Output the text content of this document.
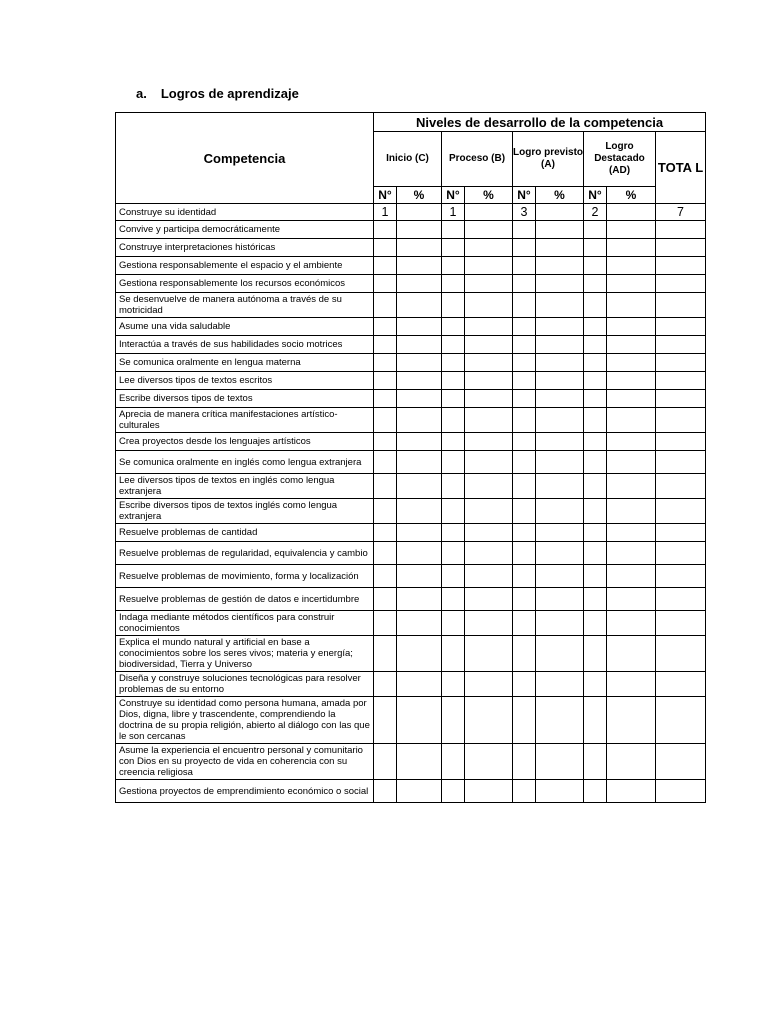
a. Logros de aprendizaje
Competencia	Niveles de desarrollo de la competencia								
	Inicio (C)		Proceso (B)		Logro previsto (A)		Logro Destacado (AD)		TOTA L
	N°	%	N°	%	N°	%	N°	%	
Construye su identidad	1		1		3		2		7
Convive y participa democráticamente									
Construye interpretaciones históricas									
Gestiona responsablemente el espacio y el ambiente									
Gestiona responsablemente los recursos económicos									
Se desenvuelve de manera autónoma a través de su motricidad									
Asume una vida saludable									
Interactúa a través de sus habilidades socio motrices									
Se comunica oralmente en lengua materna									
Lee diversos tipos de textos escritos									
Escribe diversos tipos de textos									
Aprecia de manera crítica manifestaciones artístico-culturales									
Crea proyectos desde los lenguajes artísticos									
Se comunica oralmente en inglés como lengua extranjera									
Lee diversos tipos de textos en inglés como lengua extranjera									
Escribe diversos tipos de textos inglés como lengua extranjera									
Resuelve problemas de cantidad									
Resuelve problemas de regularidad, equivalencia y cambio									
Resuelve problemas de movimiento, forma y localización									
Resuelve problemas de gestión de datos e incertidumbre									
Indaga mediante métodos científicos para construir conocimientos									
Explica el mundo natural y artificial en base a conocimientos sobre los seres vivos; materia y energía; biodiversidad, Tierra y Universo									
Diseña y construye soluciones tecnológicas para resolver problemas de su entorno									
Construye su identidad como persona humana, amada por Dios, digna, libre y trascendente, comprendiendo la doctrina de su propia religión, abierto al diálogo con las que le son cercanas									
Asume la experiencia el encuentro personal y comunitario con Dios en su proyecto de vida en coherencia con su creencia religiosa									
Gestiona proyectos de emprendimiento económico o social									
